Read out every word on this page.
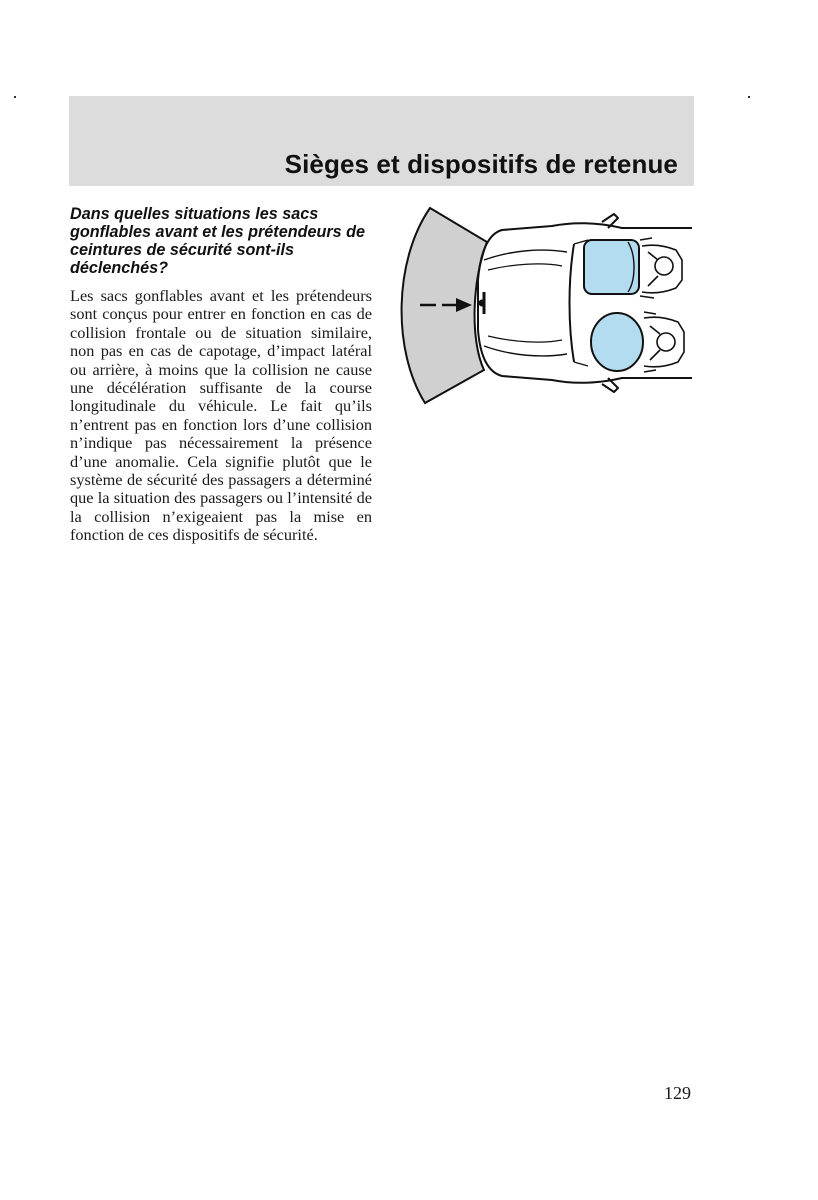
Sièges et dispositifs de retenue
Dans quelles situations les sacs gonflables avant et les prétendeurs de ceintures de sécurité sont-ils déclenchés?

Les sacs gonflables avant et les prétendeurs sont conçus pour entrer en fonction en cas de collision frontale ou de situation similaire, non pas en cas de capotage, d’impact latéral ou arrière, à moins que la collision ne cause une décélération suffisante de la course longitudinale du véhicule. Le fait qu’ils n’entrent pas en fonction lors d’une collision n’indique pas nécessairement la présence d’une anomalie. Cela signifie plutôt que le système de sécurité des passagers a déterminé que la situation des passagers ou l’intensité de la collision n’exigeaient pas la mise en fonction de ces dispositifs de sécurité.

129
